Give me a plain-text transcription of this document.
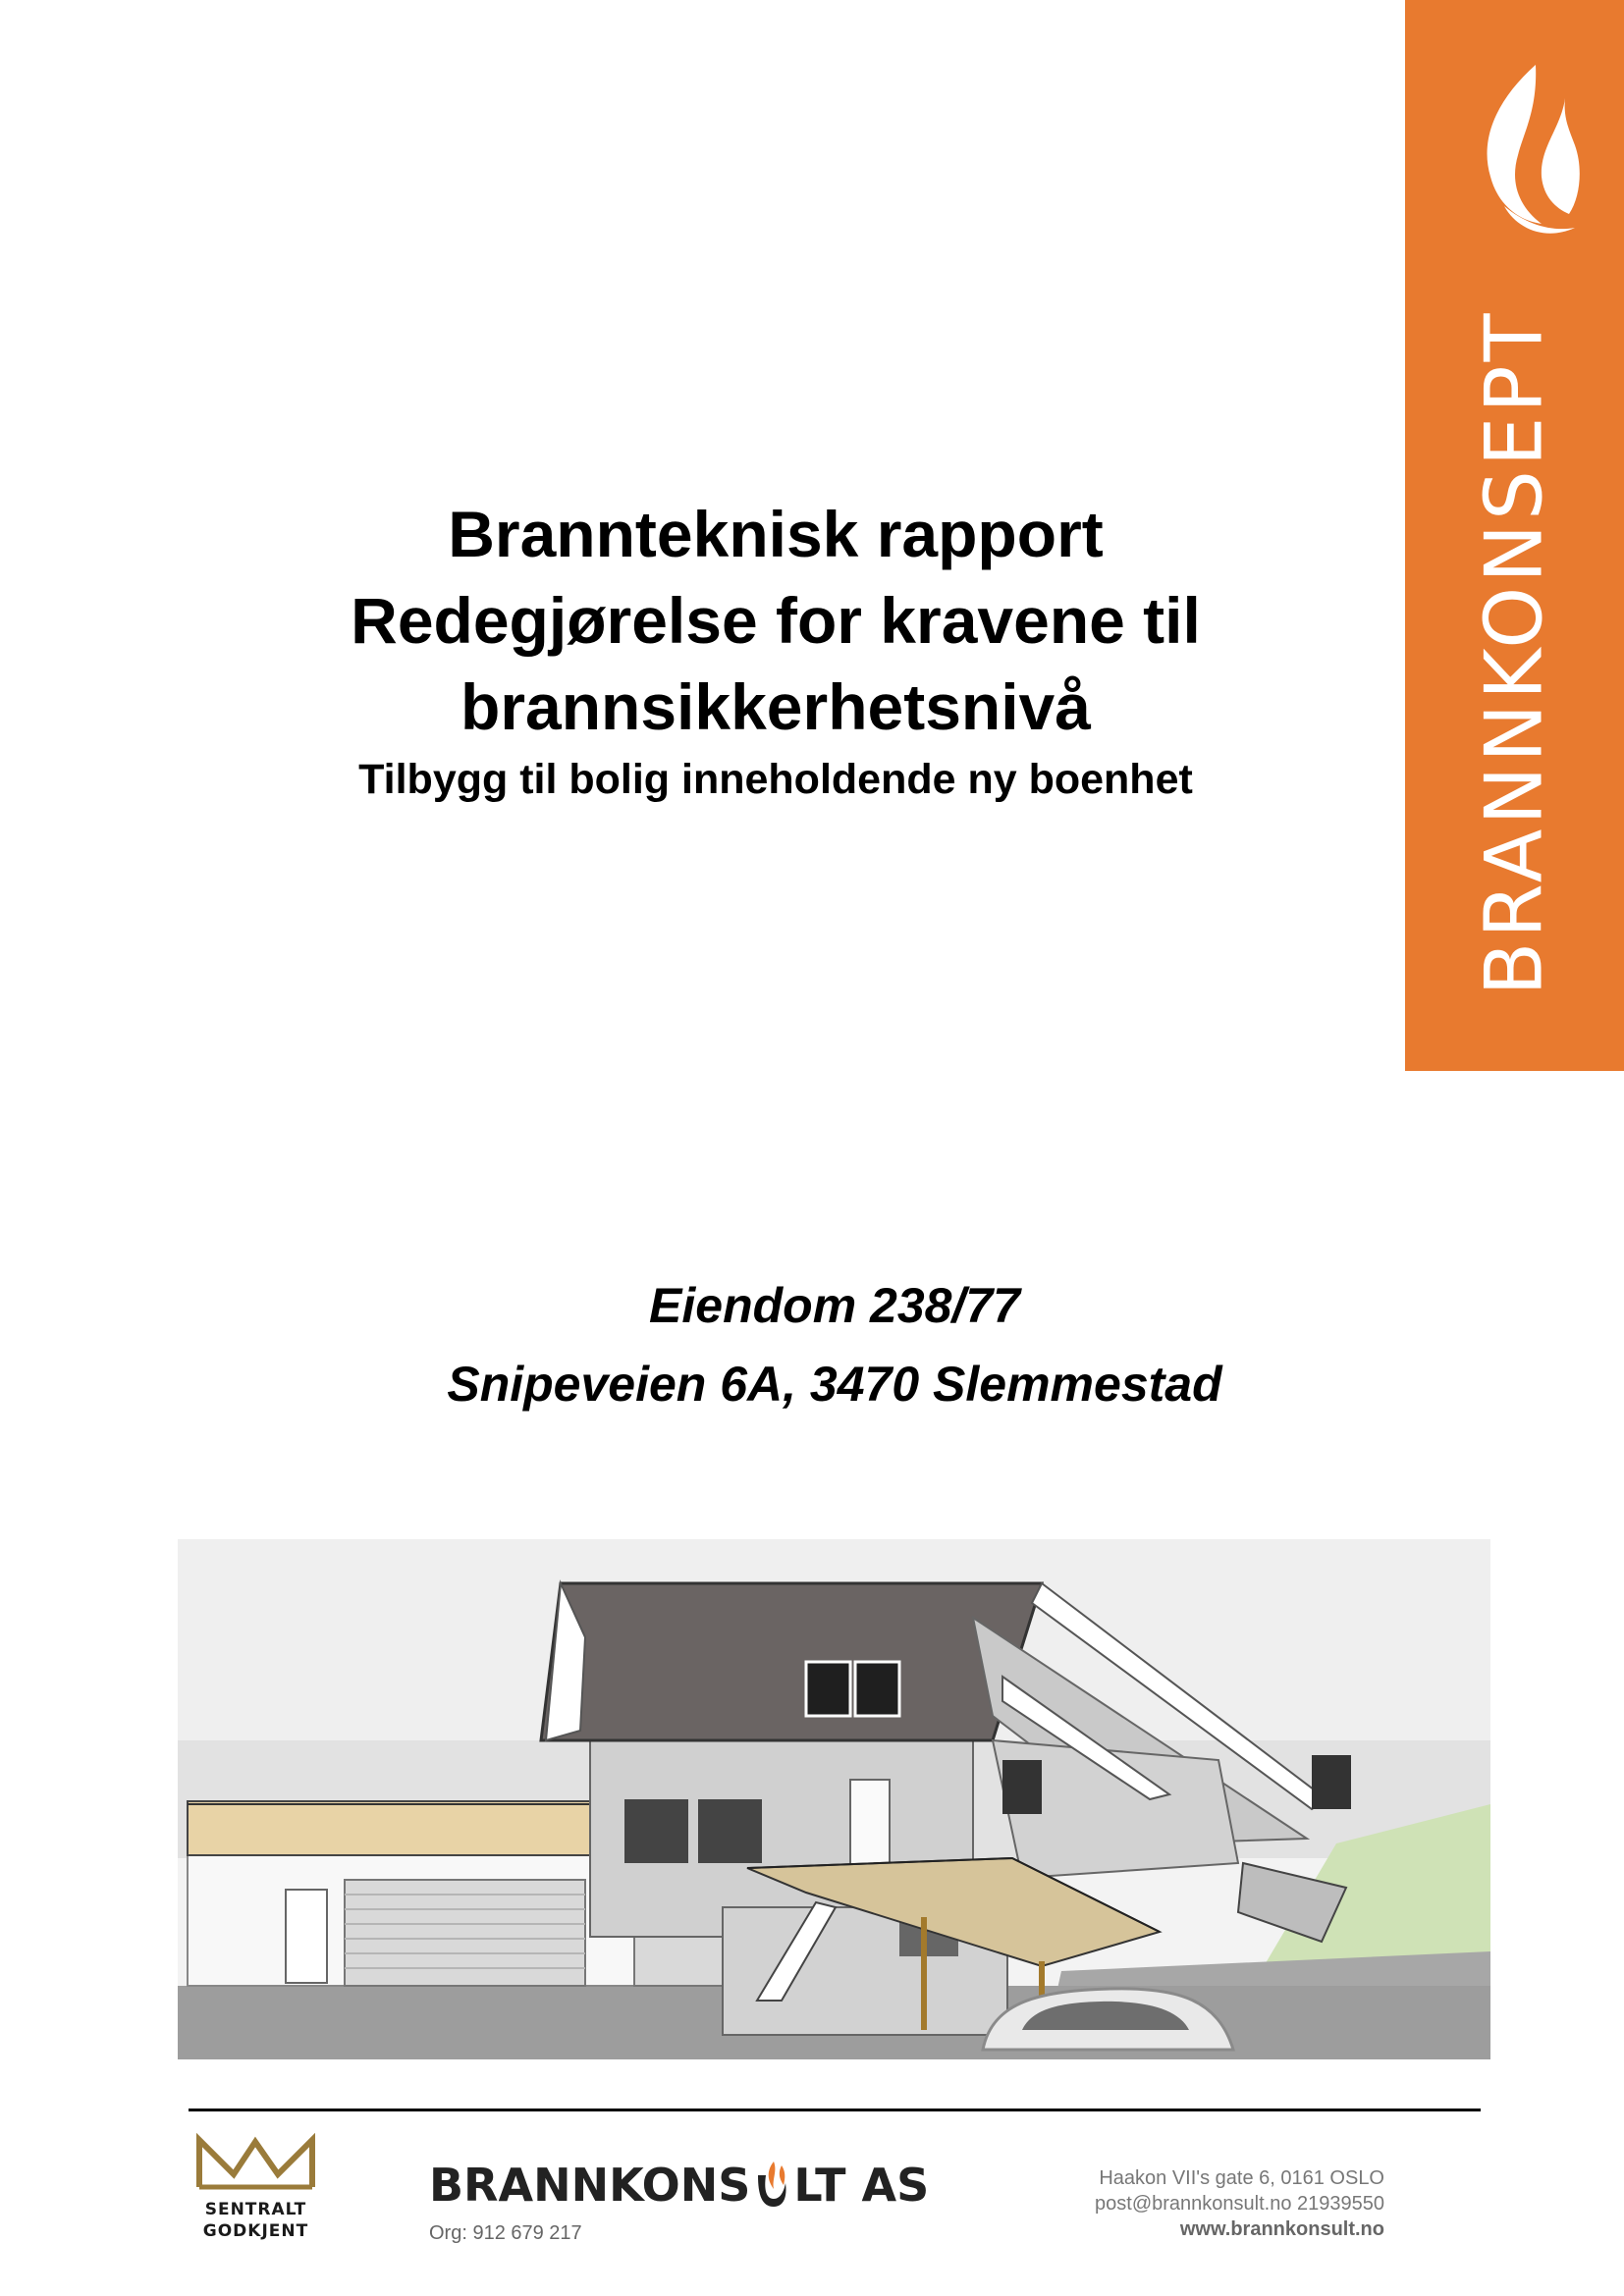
BRANNKONSEPT
Brannteknisk rapport
Redegjørelse for kravene til
brannsikkerhetsnivå
Tilbygg til bolig inneholdende ny boenhet
Eiendom 238/77
Snipeveien 6A, 3470 Slemmestad
SENTRALT
GODKJENT
BRANNKONS LT AS
Org: 912 679 217
Haakon VII's gate 6, 0161 OSLO
post@brannkonsult.no 21939550
www.brannkonsult.no
